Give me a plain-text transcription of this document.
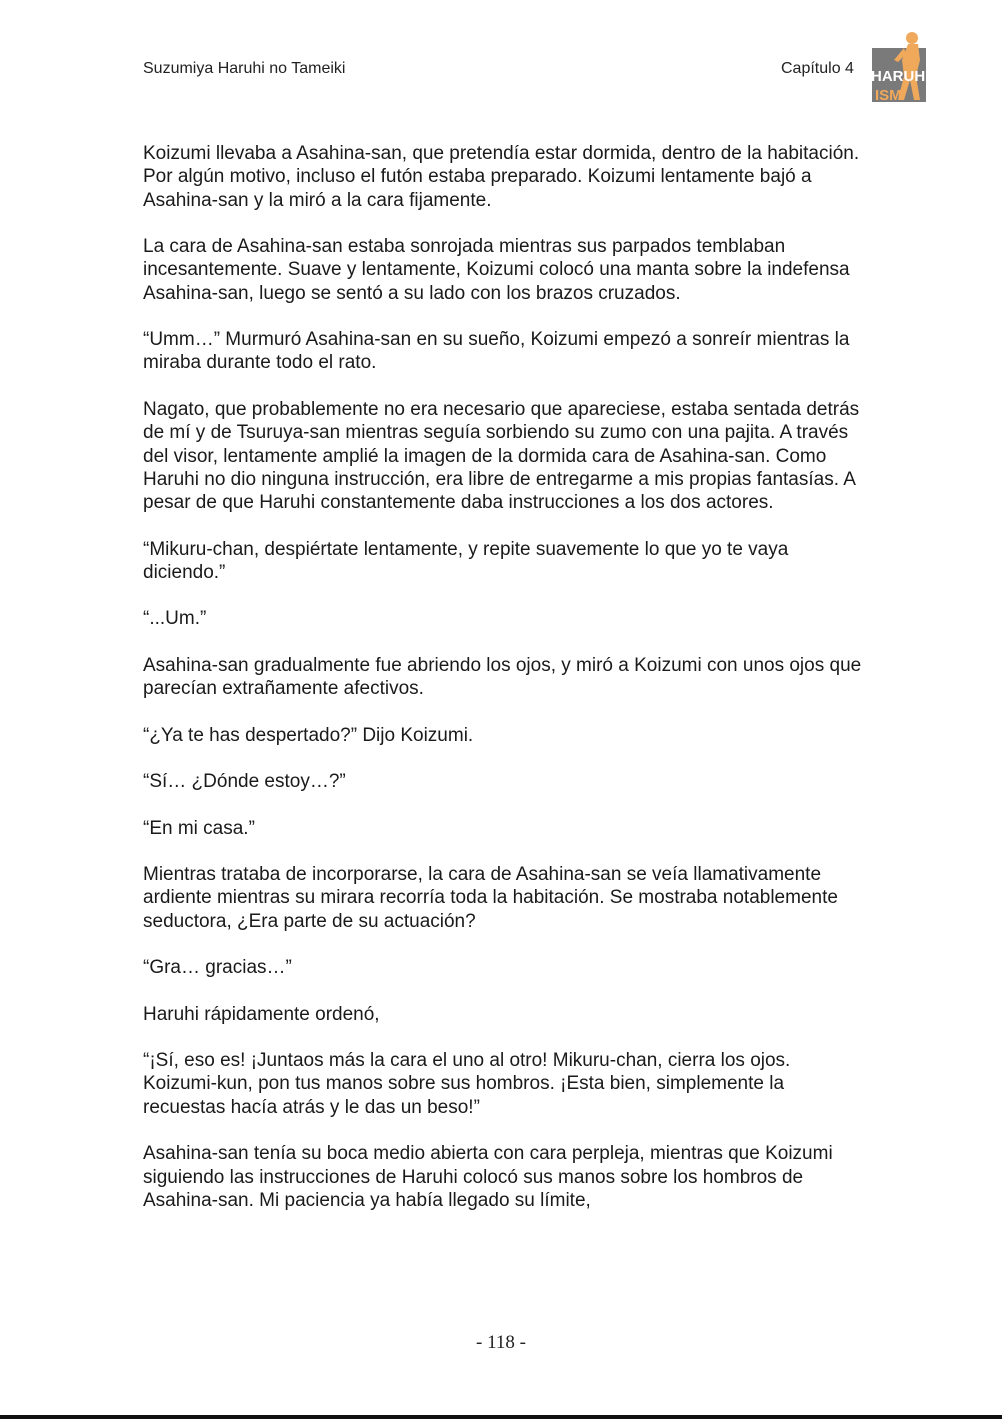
Suzumiya Haruhi no Tameiki	Capítulo 4 HARUHI
ISM

Koizumi llevaba a Asahina-san, que pretendía estar dormida, dentro de la habitación. Por algún motivo, incluso el futón estaba preparado. Koizumi lentamente bajó a Asahina-san y la miró a la cara fijamente.

La cara de Asahina-san estaba sonrojada mientras sus parpados temblaban incesantemente. Suave y lentamente, Koizumi colocó una manta sobre la indefensa Asahina-san, luego se sentó a su lado con los brazos cruzados.

“Umm…” Murmuró Asahina-san en su sueño, Koizumi empezó a sonreír mientras la miraba durante todo el rato.

Nagato, que probablemente no era necesario que apareciese, estaba sentada detrás de mí y de Tsuruya-san mientras seguía sorbiendo su zumo con una pajita. A través del visor, lentamente amplié la imagen de la dormida cara de Asahina-san. Como Haruhi no dio ninguna instrucción, era libre de entregarme a mis propias fantasías. A pesar de que Haruhi constantemente daba instrucciones a los dos actores.

“Mikuru-chan, despiértate lentamente, y repite suavemente lo que yo te vaya diciendo.”

“...Um.”

Asahina-san gradualmente fue abriendo los ojos, y miró a Koizumi con unos ojos que parecían extrañamente afectivos.

“¿Ya te has despertado?” Dijo Koizumi.

“Sí… ¿Dónde estoy…?”

“En mi casa.”

Mientras trataba de incorporarse, la cara de Asahina-san se veía llamativamente ardiente mientras su mirara recorría toda la habitación. Se mostraba notablemente seductora, ¿Era parte de su actuación?

“Gra… gracias…”

Haruhi rápidamente ordenó,

“¡Sí, eso es! ¡Juntaos más la cara el uno al otro! Mikuru-chan, cierra los ojos. Koizumi-kun, pon tus manos sobre sus hombros. ¡Esta bien, simplemente la recuestas hacía atrás y le das un beso!”

Asahina-san tenía su boca medio abierta con cara perpleja, mientras que Koizumi siguiendo las instrucciones de Haruhi colocó sus manos sobre los hombros de Asahina-san. Mi paciencia ya había llegado su límite,

- 118 -
